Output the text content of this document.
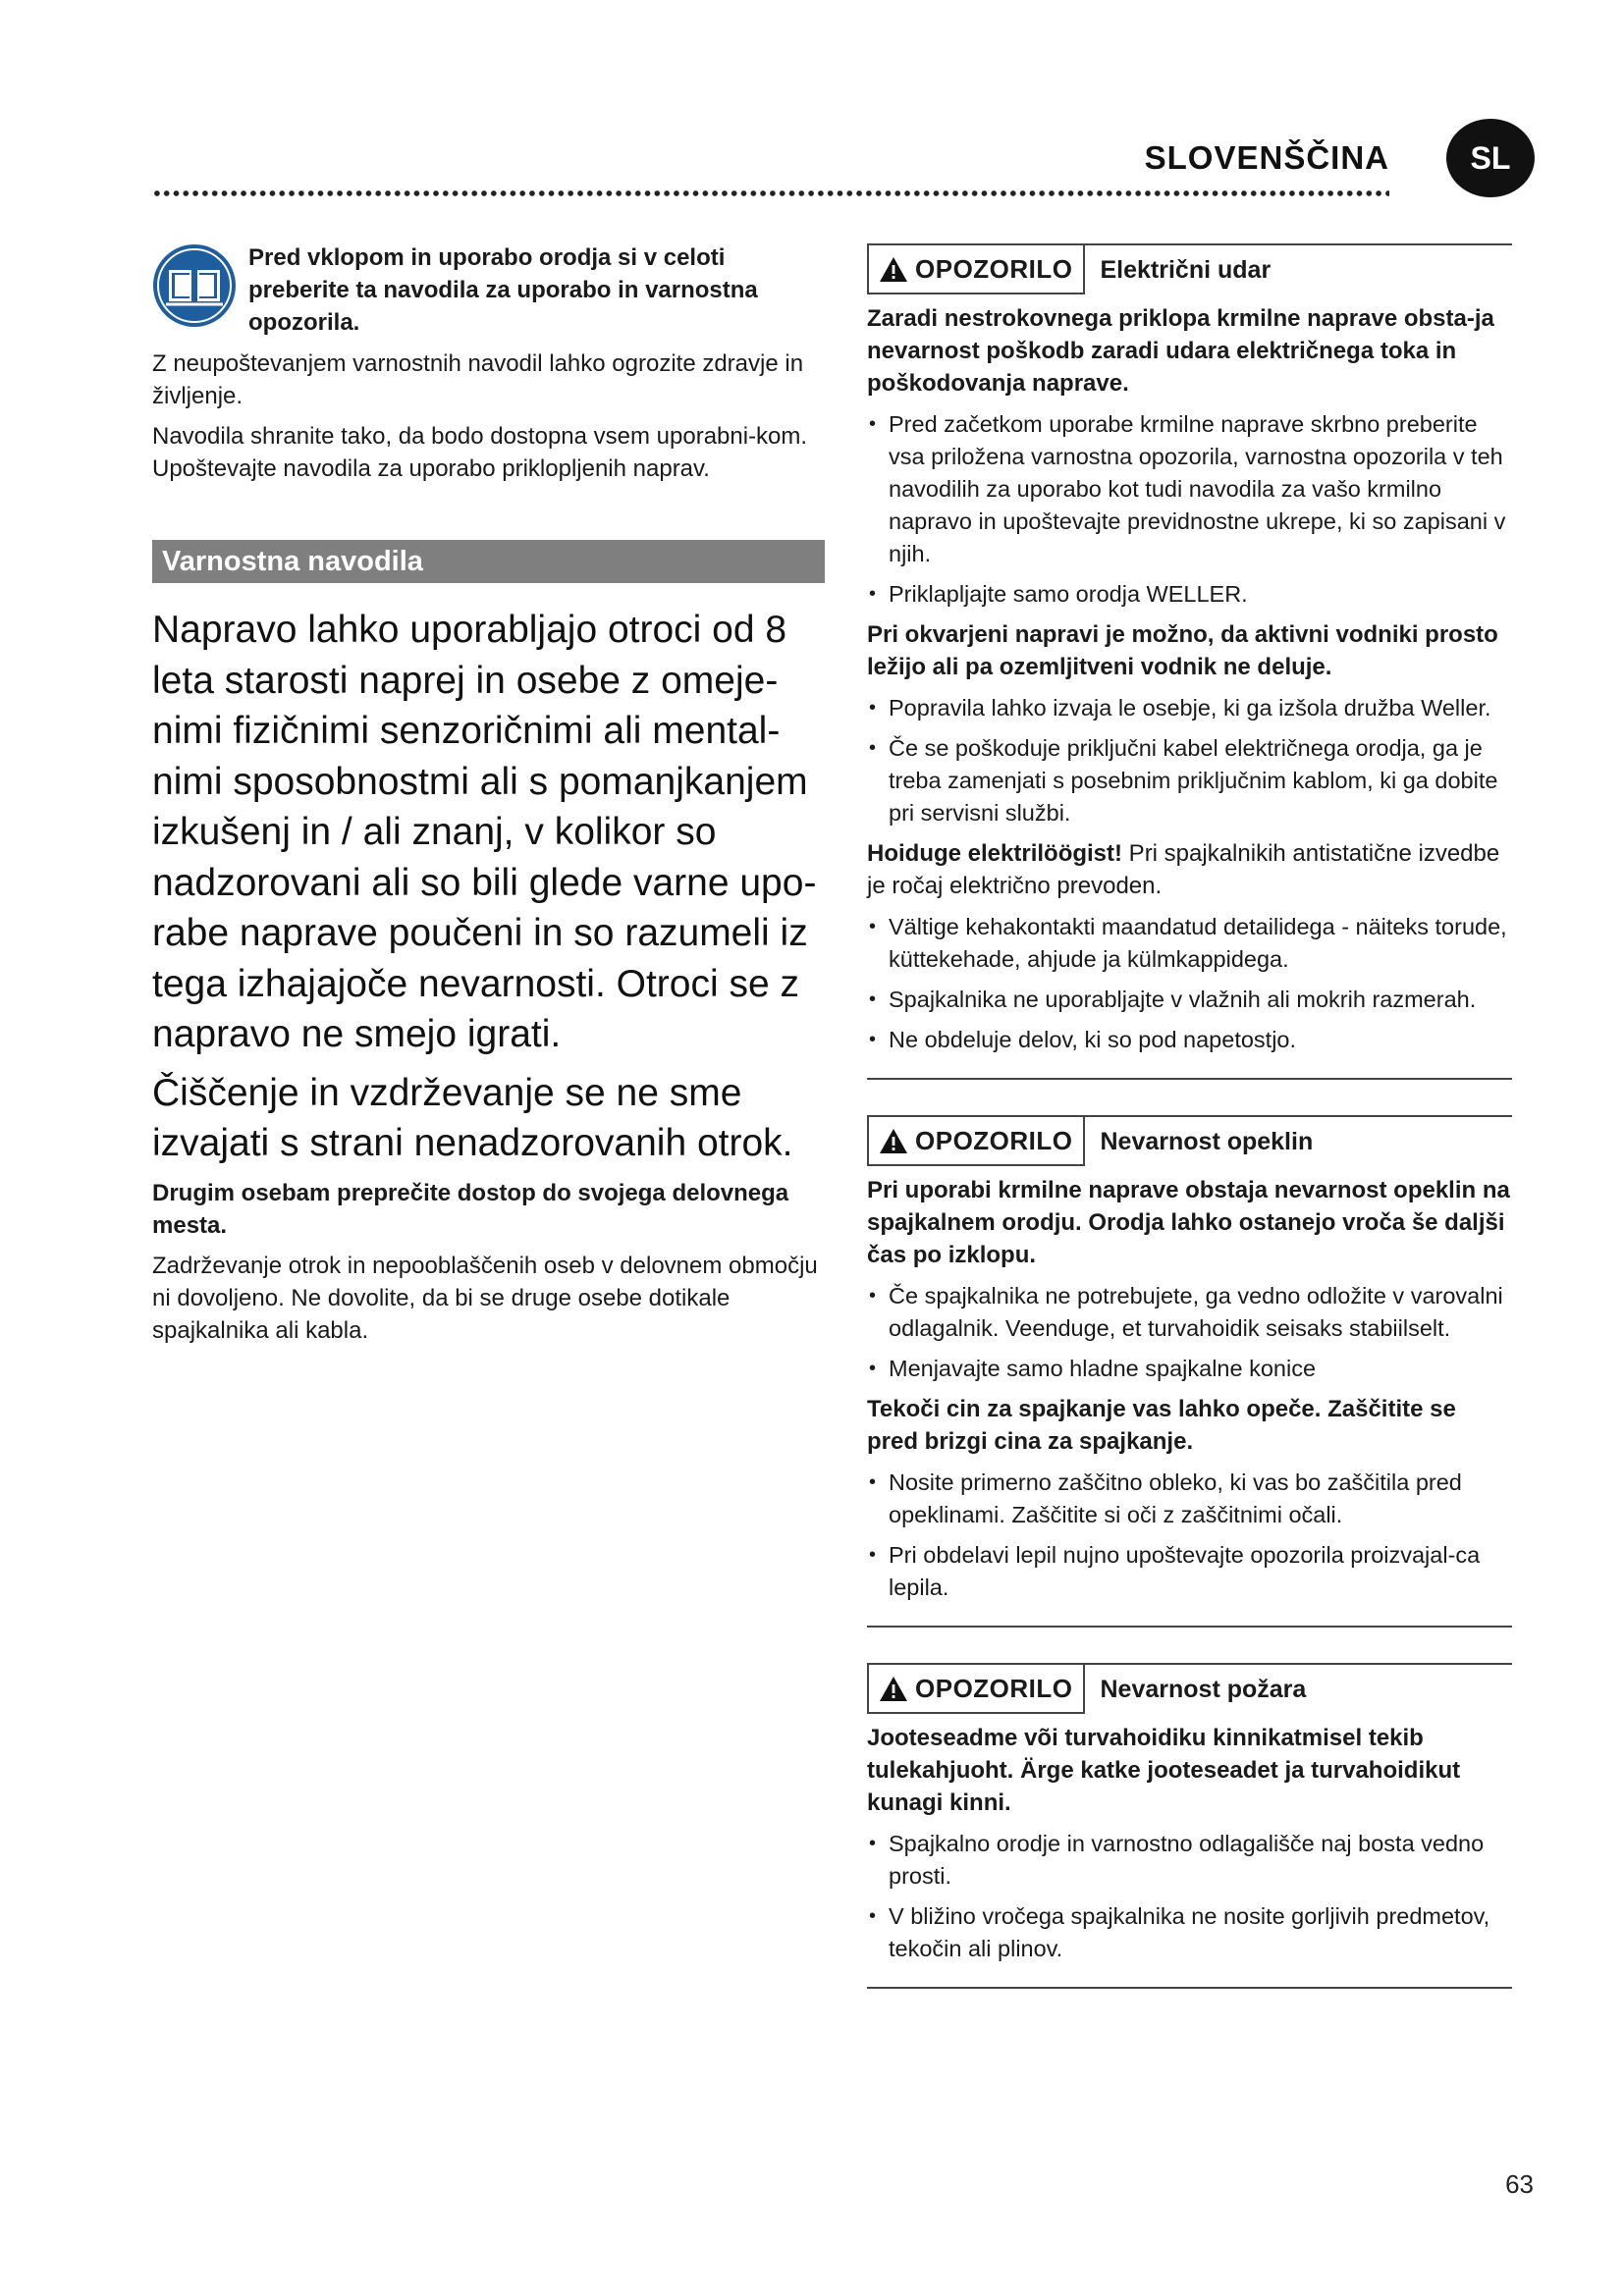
SLOVENŠČINA	SL
Pred vklopom in uporabo orodja si v celoti preberite ta navodila za uporabo in varnostna opozorila.

Z neupoštevanjem varnostnih navodil lahko ogrozite zdravje in življenje.

Navodila shranite tako, da bodo dostopna vsem uporabni-kom. Upoštevajte navodila za uporabo priklopljenih naprav.

Varnostna navodila

Napravo lahko uporabljajo otroci od 8 leta starosti naprej in osebe z omeje-nimi fizičnimi senzoričnimi ali mental-nimi sposobnostmi ali s pomanjkanjem izkušenj in / ali znanj, v kolikor so nadzorovani ali so bili glede varne upo-rabe naprave poučeni in so razumeli iz tega izhajajoče nevarnosti. Otroci se z napravo ne smejo igrati.

Čiščenje in vzdrževanje se ne sme izvajati s strani nenadzorovanih otrok.

Drugim osebam preprečite dostop do svojega delovnega mesta.

Zadrževanje otrok in nepooblaščenih oseb v delovnem območju ni dovoljeno. Ne dovolite, da bi se druge osebe dotikale spajkalnika ali kabla.

OPOZORILO	Električni udar

Zaradi nestrokovnega priklopa krmilne naprave obsta-ja nevarnost poškodb zaradi udara električnega toka in poškodovanja naprave.

• Pred začetkom uporabe krmilne naprave skrbno preberite vsa priložena varnostna opozorila, varnostna opozorila v teh navodilih za uporabo kot tudi navodila za vašo krmilno napravo in upoštevajte previdnostne ukrepe, ki so zapisani v njih.
• Priklapljajte samo orodja WELLER.

Pri okvarjeni napravi je možno, da aktivni vodniki prosto ležijo ali pa ozemljitveni vodnik ne deluje.

• Popravila lahko izvaja le osebje, ki ga izšola družba Weller.
• Če se poškoduje priključni kabel električnega orodja, ga je treba zamenjati s posebnim priključnim kablom, ki ga dobite pri servisni službi.

Hoiduge elektrilöögist! Pri spajkalnikih antistatične izvedbe je ročaj električno prevoden.

• Vältige kehakontakti maandatud detailidega - näiteks torude, küttekehade, ahjude ja külmkappidega.
• Spajkalnika ne uporabljajte v vlažnih ali mokrih razmerah.
• Ne obdeluje delov, ki so pod napetostjo.
OPOZORILO	Nevarnost opeklin

Pri uporabi krmilne naprave obstaja nevarnost opeklin na spajkalnem orodju. Orodja lahko ostanejo vroča še daljši čas po izklopu.

• Če spajkalnika ne potrebujete, ga vedno odložite v varovalni odlagalnik. Veenduge, et turvahoidik seisaks stabiilselt.
• Menjavajte samo hladne spajkalne konice

Tekoči cin za spajkanje vas lahko opeče. Zaščitite se pred brizgi cina za spajkanje.

• Nosite primerno zaščitno obleko, ki vas bo zaščitila pred opeklinami. Zaščitite si oči z zaščitnimi očali.
• Pri obdelavi lepil nujno upoštevajte opozorila proizvajal-ca lepila.
OPOZORILO	Nevarnost požara

Jooteseadme või turvahoidiku kinnikatmisel tekib tulekahjuoht. Ärge katke jooteseadet ja turvahoidikut kunagi kinni.

• Spajkalno orodje in varnostno odlagališče naj bosta vedno prosti.
• V bližino vročega spajkalnika ne nosite gorljivih predmetov, tekočin ali plinov.
63
